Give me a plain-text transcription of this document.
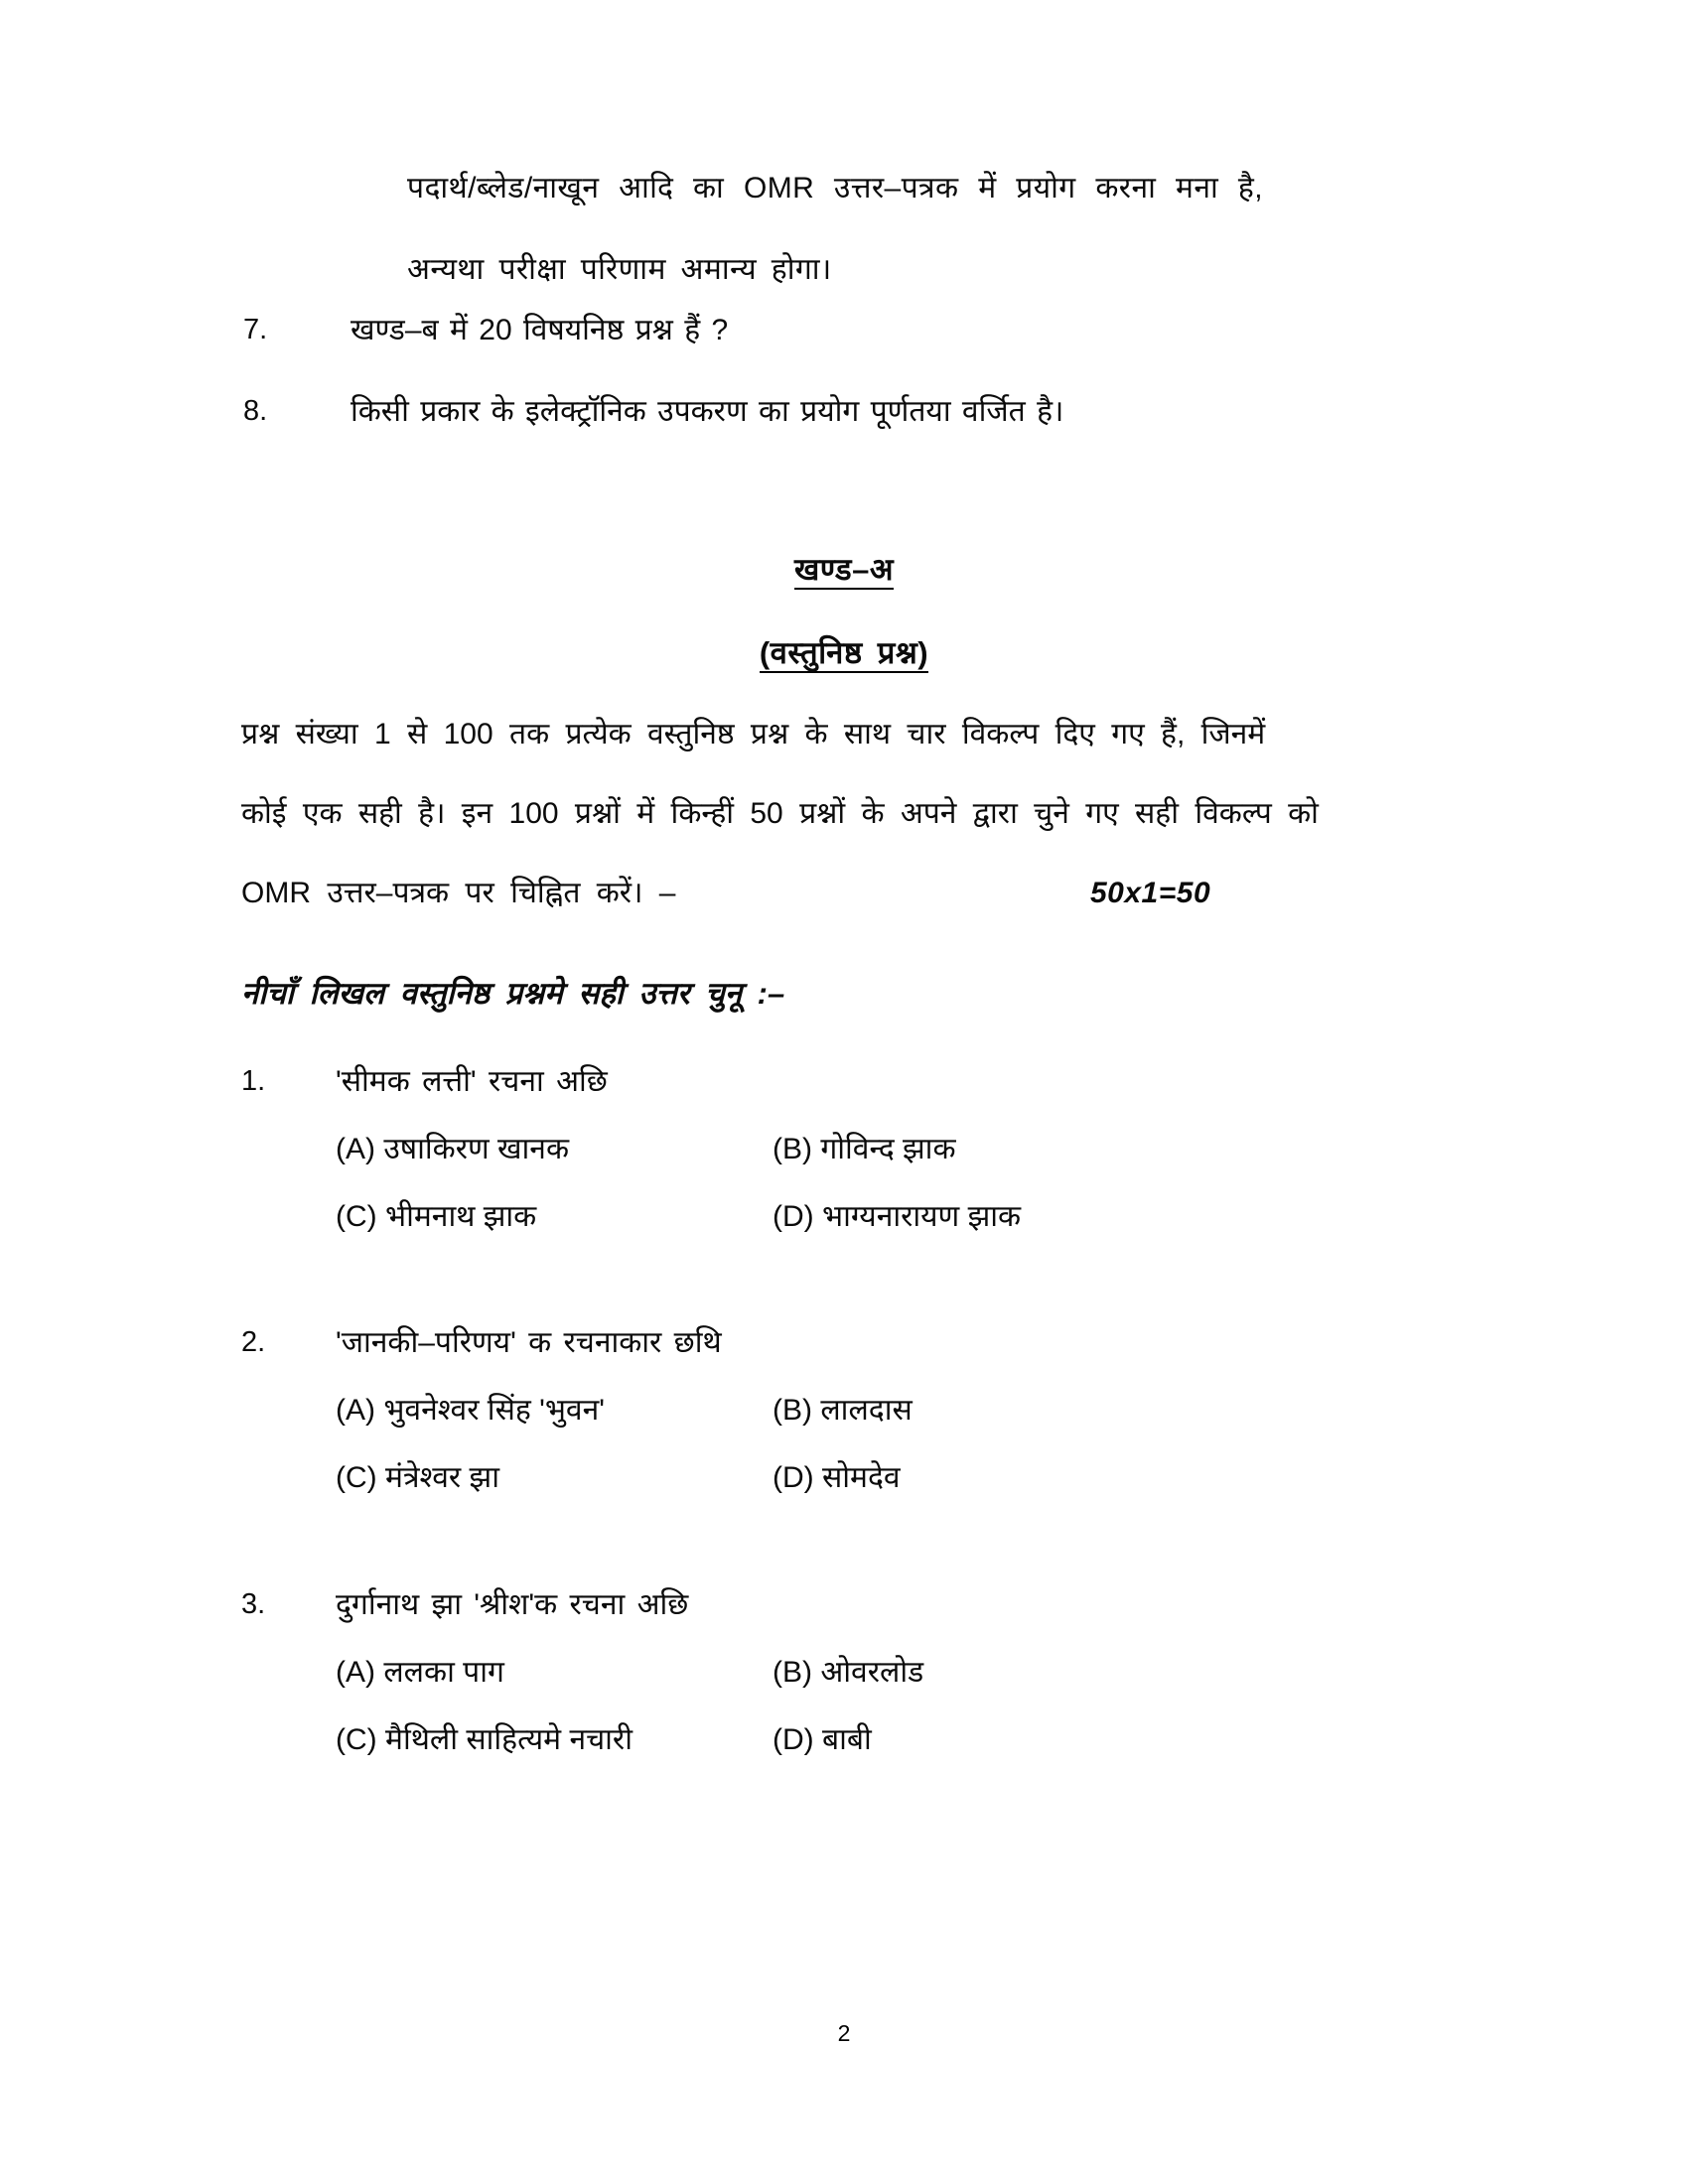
पदार्थ/ब्लेड/नाखून आदि का OMR उत्तर–पत्रक में प्रयोग करना मना है,
अन्यथा परीक्षा परिणाम अमान्य होगा।
7.	खण्ड–ब में 20 विषयनिष्ठ प्रश्न हैं ?
8.	किसी प्रकार के इलेक्ट्रॉनिक उपकरण का प्रयोग पूर्णतया वर्जित है।
खण्ड–अ
(वस्तुनिष्ठ प्रश्न)
प्रश्न संख्या 1 से 100 तक प्रत्येक वस्तुनिष्ठ प्रश्न के साथ चार विकल्प दिए गए हैं, जिनमें
कोई एक सही है। इन 100 प्रश्नों में किन्हीं 50 प्रश्नों के अपने द्वारा चुने गए सही विकल्प को
OMR उत्तर–पत्रक पर चिह्नित करें। –	50x1=50
नीचाँ लिखल वस्तुनिष्ठ प्रश्नमे सही उत्तर चुनू :–
1.	'सीमक लत्ती' रचना अछि
(A) उषाकिरण खानक	(B) गोविन्द झाक
(C) भीमनाथ झाक	(D) भाग्यनारायण झाक
2.	'जानकी–परिणय' क रचनाकार छथि
(A) भुवनेश्वर सिंह 'भुवन'	(B) लालदास
(C) मंत्रेश्वर झा	(D) सोमदेव
3.	दुर्गानाथ झा 'श्रीश'क रचना अछि
(A) ललका पाग	(B) ओवरलोड
(C) मैथिली साहित्यमे नचारी	(D) बाबी
2
